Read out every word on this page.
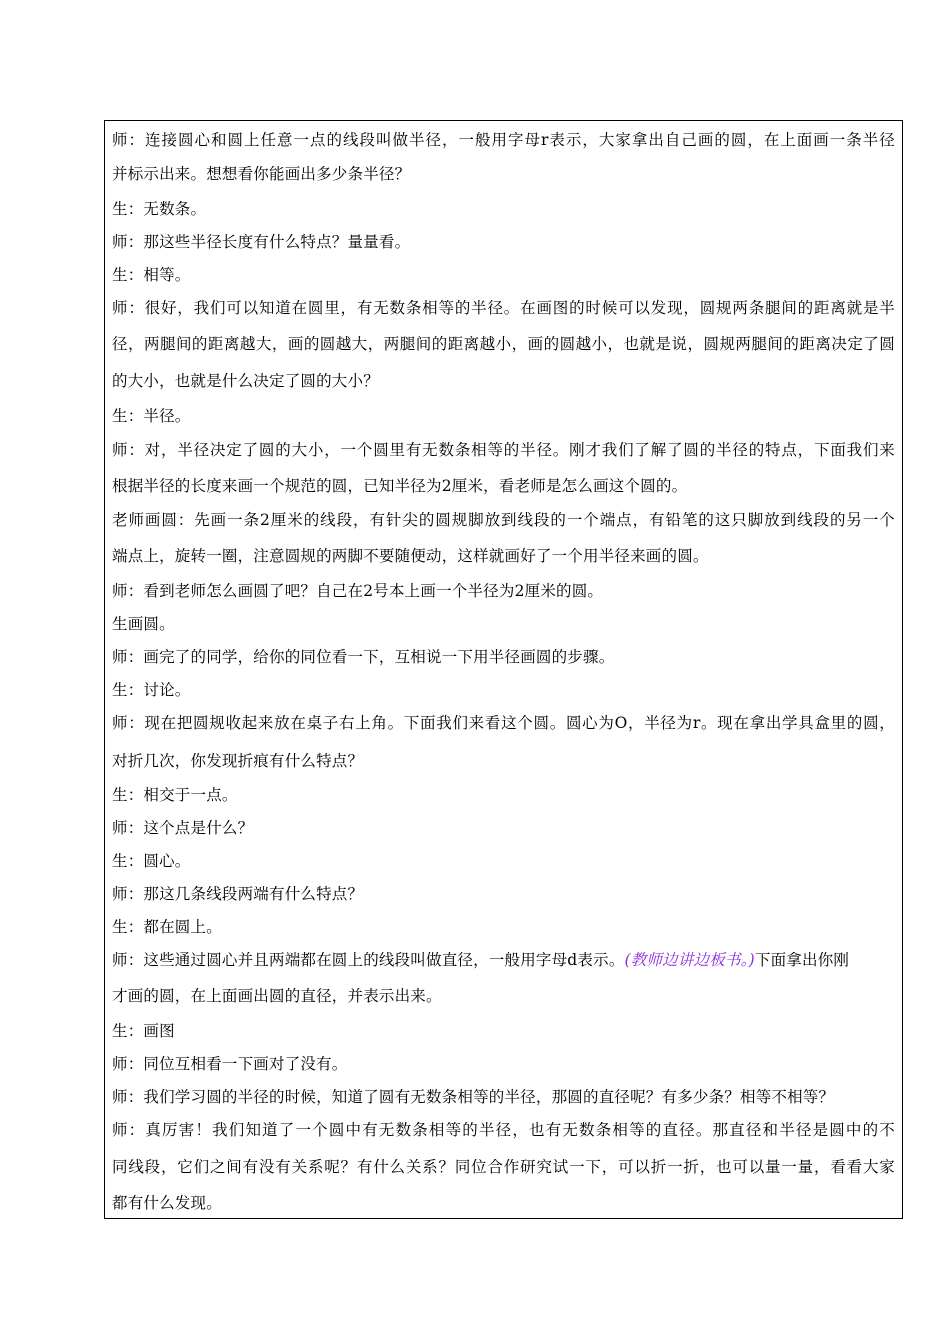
师：连接圆心和圆上任意一点的线段叫做半径，一般用字母r表示，大家拿出自己画的圆，在上面画一条半径

并标示出来。想想看你能画出多少条半径？

生：无数条。

师：那这些半径长度有什么特点？量量看。

生：相等。

师：很好，我们可以知道在圆里，有无数条相等的半径。在画图的时候可以发现，圆规两条腿间的距离就是半

径，两腿间的距离越大，画的圆越大，两腿间的距离越小，画的圆越小，也就是说，圆规两腿间的距离决定了圆

的大小，也就是什么决定了圆的大小？

生：半径。

师：对，半径决定了圆的大小，一个圆里有无数条相等的半径。刚才我们了解了圆的半径的特点，下面我们来

根据半径的长度来画一个规范的圆，已知半径为2厘米，看老师是怎么画这个圆的。

老师画圆：先画一条2厘米的线段，有针尖的圆规脚放到线段的一个端点，有铅笔的这只脚放到线段的另一个

端点上，旋转一圈，注意圆规的两脚不要随便动，这样就画好了一个用半径来画的圆。

师：看到老师怎么画圆了吧？自己在2号本上画一个半径为2厘米的圆。

生画圆。

师：画完了的同学，给你的同位看一下，互相说一下用半径画圆的步骤。

生：讨论。

师：现在把圆规收起来放在桌子右上角。下面我们来看这个圆。圆心为O，半径为r。现在拿出学具盒里的圆，

对折几次，你发现折痕有什么特点？

生：相交于一点。

师：这个点是什么？

生：圆心。

师：那这几条线段两端有什么特点？

生：都在圆上。

师：这些通过圆心并且两端都在圆上的线段叫做直径，一般用字母d表示。(教师边讲边板书。)下面拿出你刚

才画的圆，在上面画出圆的直径，并表示出来。

生：画图

师：同位互相看一下画对了没有。

师：我们学习圆的半径的时候，知道了圆有无数条相等的半径，那圆的直径呢？有多少条？相等不相等？

师：真厉害！我们知道了一个圆中有无数条相等的半径，也有无数条相等的直径。那直径和半径是圆中的不

同线段，它们之间有没有关系呢？有什么关系？同位合作研究试一下，可以折一折，也可以量一量，看看大家

都有什么发现。
